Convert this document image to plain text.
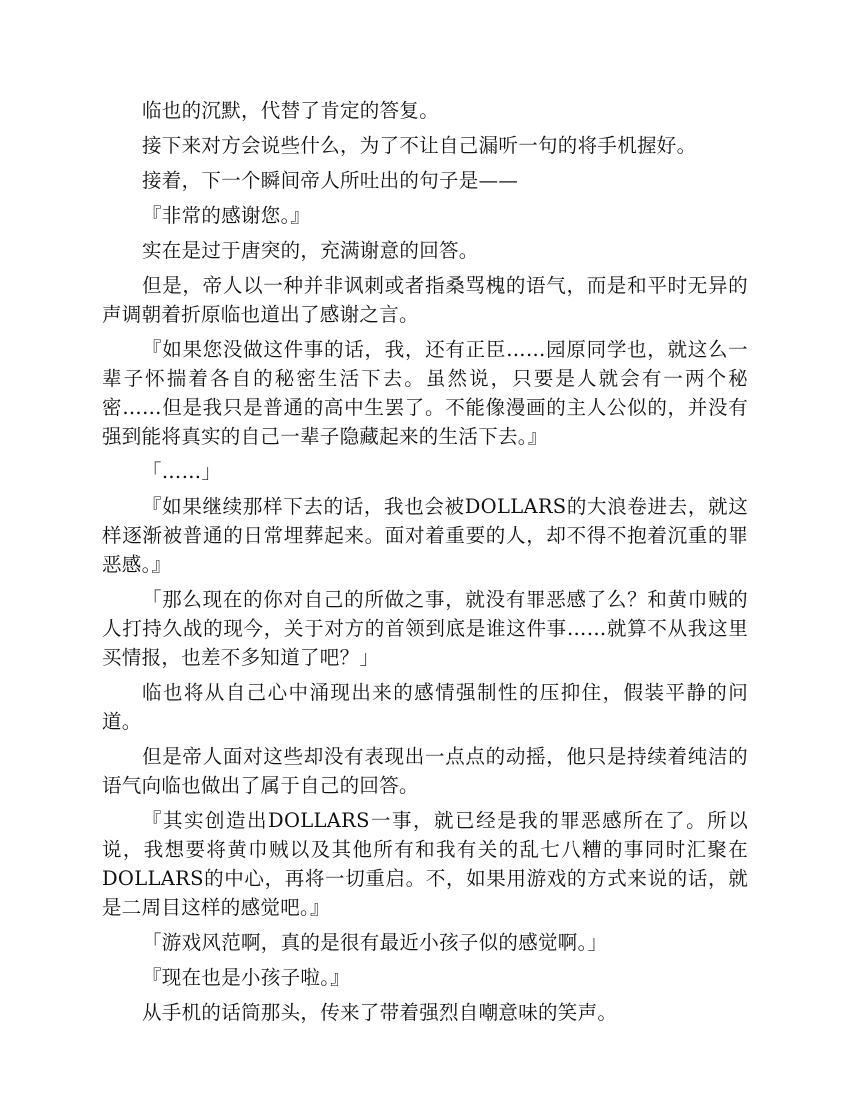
临也的沉默，代替了肯定的答复。

接下来对方会说些什么，为了不让自己漏听一句的将手机握好。

接着，下一个瞬间帝人所吐出的句子是——

『非常的感谢您。』

实在是过于唐突的，充满谢意的回答。

但是，帝人以一种并非讽刺或者指桑骂槐的语气，而是和平时无异的声调朝着折原临也道出了感谢之言。

『如果您没做这件事的话，我，还有正臣……园原同学也，就这么一辈子怀揣着各自的秘密生活下去。虽然说，只要是人就会有一两个秘密……但是我只是普通的高中生罢了。不能像漫画的主人公似的，并没有强到能将真实的自己一辈子隐藏起来的生活下去。』

「……」

『如果继续那样下去的话，我也会被DOLLARS的大浪卷进去，就这样逐渐被普通的日常埋葬起来。面对着重要的人，却不得不抱着沉重的罪恶感。』

「那么现在的你对自己的所做之事，就没有罪恶感了么？和黄巾贼的人打持久战的现今，关于对方的首领到底是谁这件事……就算不从我这里买情报，也差不多知道了吧？」

临也将从自己心中涌现出来的感情强制性的压抑住，假装平静的问道。

但是帝人面对这些却没有表现出一点点的动摇，他只是持续着纯洁的语气向临也做出了属于自己的回答。

『其实创造出DOLLARS一事，就已经是我的罪恶感所在了。所以说，我想要将黄巾贼以及其他所有和我有关的乱七八糟的事同时汇聚在DOLLARS的中心，再将一切重启。不，如果用游戏的方式来说的话，就是二周目这样的感觉吧。』

「游戏风范啊，真的是很有最近小孩子似的感觉啊。」

『现在也是小孩子啦。』

从手机的话筒那头，传来了带着强烈自嘲意味的笑声。
